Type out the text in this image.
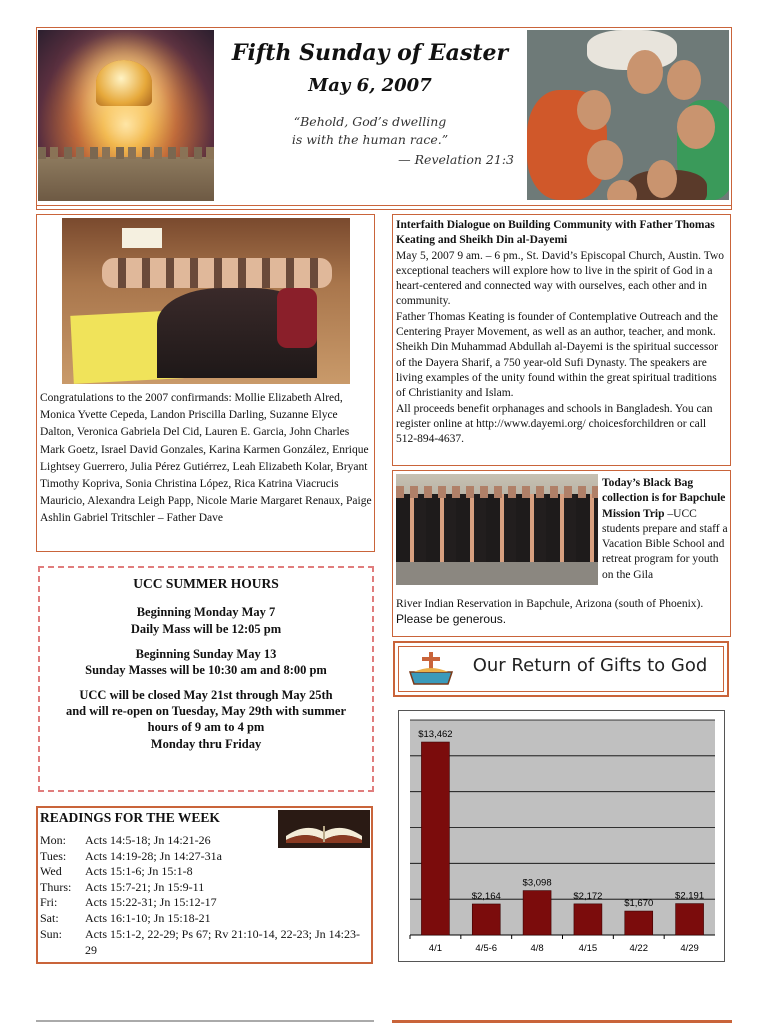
Fifth Sunday of Easter
May 6, 2007
“Behold, God’s dwelling
is with the human race.”
— Revelation 21:3
Congratulations to the 2007 confirmands: Mollie Elizabeth Alred, Monica Yvette Cepeda, Landon Priscilla Darling, Suzanne Elyce Dalton, Veronica Gabriela Del Cid, Lauren E. Garcia, John Charles Mark Goetz, Israel David Gonzales, Karina Karmen González, Enrique Lightsey Guerrero, Julia Pérez Gutiérrez, Leah Elizabeth Kolar, Bryant Timothy Kopriva, Sonia Christina López, Rica Katrina Viacrucis Mauricio, Alexandra Leigh Papp, Nicole Marie Margaret Renaux, Paige Ashlin Gabriel Tritschler – Father Dave
Interfaith Dialogue on Building Community with Father Thomas Keating and Sheikh Din al-Dayemi
May 5, 2007 9 am. – 6 pm., St. David’s Episcopal Church, Austin. Two exceptional teachers will explore how to live in the spirit of God in a heart-centered and connected way with ourselves, each other and in community.
Father Thomas Keating is founder of Contemplative Outreach and the Centering Prayer Movement, as well as an author, teacher, and monk. Sheikh Din Muhammad Abdullah al-Dayemi is the spiritual successor of the Dayera Sharif, a 750 year-old Sufi Dynasty. The speakers are living examples of the unity found within the great spiritual traditions of Christianity and Islam.
All proceeds benefit orphanages and schools in Bangladesh. You can register online at http://www.dayemi.org/ choicesforchildren or call 512-894-4637.
Today’s Black Bag collection is for Bapchule Mission Trip –UCC students prepare and staff a Vacation Bible School and retreat program for youth on the Gila
River Indian Reservation in Bapchule, Arizona (south of Phoenix). Please be generous.
UCC SUMMER HOURS
Beginning Monday May 7
Daily Mass will be 12:05 pm
Beginning Sunday May 13
Sunday Masses will be 10:30 am and 8:00 pm
UCC will be closed May 21st through May 25th
and will re-open on Tuesday, May 29th with summer
hours of 9 am to 4 pm
Monday thru Friday
Our Return of Gifts to God
$13,462
4/1
$2,164
4/5-6
$3,098
4/8
$2,172
4/15
$1,670
4/22
$2,191
4/29
READINGS FOR THE WEEK
Mon: Acts 14:5-18; Jn 14:21-26
Tues: Acts 14:19-28; Jn 14:27-31a
Wed Acts 15:1-6; Jn 15:1-8
Thurs: Acts 15:7-21; Jn 15:9-11
Fri: Acts 15:22-31; Jn 15:12-17
Sat: Acts 16:1-10; Jn 15:18-21
Sun: Acts 15:1-2, 22-29; Ps 67; Rv 21:10-14, 22-23; Jn 14:23-29
